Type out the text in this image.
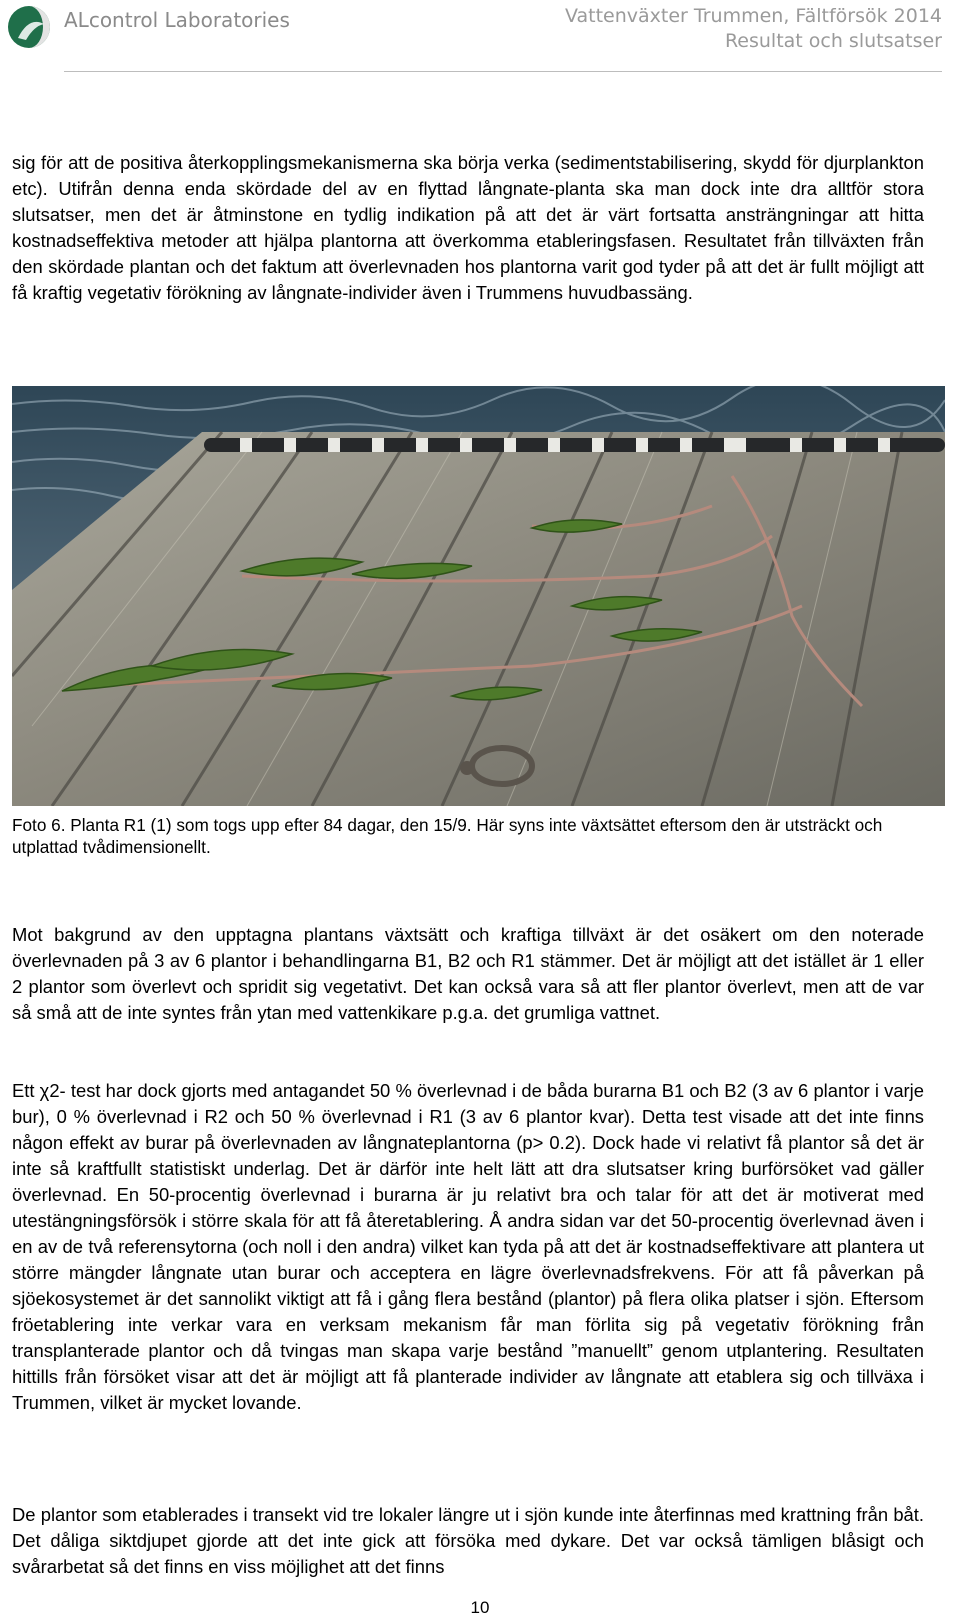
ALcontrol Laboratories	Vattenväxter Trummen, Fältförsök 2014
Resultat och slutsatser

sig för att de positiva återkopplingsmekanismerna ska börja verka (sedimentstabilisering, skydd för djurplankton etc). Utifrån denna enda skördade del av en flyttad långnate-planta ska man dock inte dra alltför stora slutsatser, men det är åtminstone en tydlig indikation på att det är värt fortsatta ansträngningar att hitta kostnadseffektiva metoder att hjälpa plantorna att överkomma etableringsfasen. Resultatet från tillväxten från den skördade plantan och det faktum att överlevnaden hos plantorna varit god tyder på att det är fullt möjligt att få kraftig vegetativ förökning av långnate-individer även i Trummens huvudbassäng.

Foto 6. Planta R1 (1) som togs upp efter 84 dagar, den 15/9. Här syns inte växtsättet eftersom den är utsträckt och utplattad tvådimensionellt.

Mot bakgrund av den upptagna plantans växtsätt och kraftiga tillväxt är det osäkert om den noterade överlevnaden på 3 av 6 plantor i behandlingarna B1, B2 och R1 stämmer. Det är möjligt att det istället är 1 eller 2 plantor som överlevt och spridit sig vegetativt. Det kan också vara så att fler plantor överlevt, men att de var så små att de inte syntes från ytan med vattenkikare p.g.a. det grumliga vattnet.

Ett χ2- test har dock gjorts med antagandet 50 % överlevnad i de båda burarna B1 och B2 (3 av 6 plantor i varje bur), 0 % överlevnad i R2 och 50 % överlevnad i R1 (3 av 6 plantor kvar). Detta test visade att det inte finns någon effekt av burar på överlevnaden av långnateplantorna (p> 0.2). Dock hade vi relativt få plantor så det är inte så kraftfullt statistiskt underlag. Det är därför inte helt lätt att dra slutsatser kring burförsöket vad gäller överlevnad. En 50-procentig överlevnad i burarna är ju relativt bra och talar för att det är motiverat med utestängningsförsök i större skala för att få återetablering. Å andra sidan var det 50-procentig överlevnad även i en av de två referensytorna (och noll i den andra) vilket kan tyda på att det är kostnadseffektivare att plantera ut större mängder långnate utan burar och acceptera en lägre överlevnadsfrekvens. För att få påverkan på sjöekosystemet är det sannolikt viktigt att få i gång flera bestånd (plantor) på flera olika platser i sjön. Eftersom fröetablering inte verkar vara en verksam mekanism får man förlita sig på vegetativ förökning från transplanterade plantor och då tvingas man skapa varje bestånd ”manuellt” genom utplantering. Resultaten hittills från försöket visar att det är möjligt att få planterade individer av långnate att etablera sig och tillväxa i Trummen, vilket är mycket lovande.

De plantor som etablerades i transekt vid tre lokaler längre ut i sjön kunde inte återfinnas med krattning från båt. Det dåliga siktdjupet gjorde att det inte gick att försöka med dykare. Det var också tämligen blåsigt och svårarbetat så det finns en viss möjlighet att det finns

10
